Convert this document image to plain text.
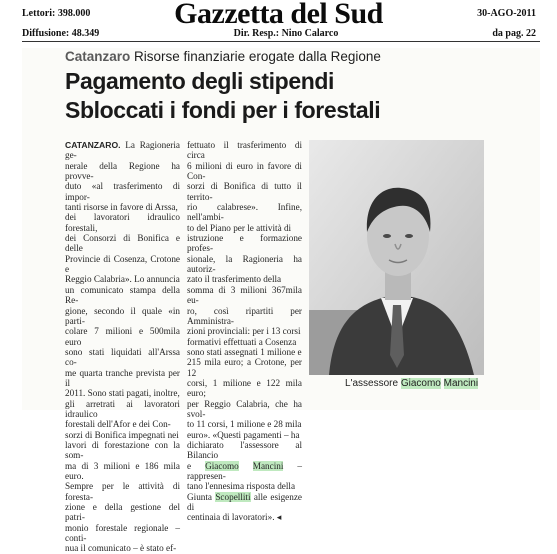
Lettori: 398.000
Diffusione: 48.349
Gazzetta del Sud
Dir. Resp.: Nino Calarco
30-AGO-2011
da pag. 22
Catanzaro Risorse finanziarie erogate dalla Regione
Pagamento degli stipendi
Sbloccati i fondi per i forestali
CATANZARO. La Ragioneria ge-
nerale della Regione ha provve-
duto «al trasferimento di impor-
tanti risorse in favore di Arssa,
dei lavoratori idraulico forestali,
dei Consorzi di Bonifica e delle
Provincie di Cosenza, Crotone e
Reggio Calabria». Lo annuncia
un comunicato stampa della Re-
gione, secondo il quale «in parti-
colare 7 milioni e 500mila euro
sono stati liquidati all'Arssa co-
me quarta tranche prevista per il
2011. Sono stati pagati, inoltre,
gli arretrati ai lavoratori idraulico
forestali dell'Afor e dei Con-
sorzi di Bonifica impegnati nei
lavori di forestazione con la som-
ma di 3 milioni e 186 mila euro.
Sempre per le attività di foresta-
zione e della gestione del patri-
monio forestale regionale – conti-
nua il comunicato – è stato ef-
fettuato il trasferimento di circa
6 milioni di euro in favore di Con-
sorzi di Bonifica di tutto il territo-
rio calabrese». Infine, nell'ambi-
to del Piano per le attività di
istruzione e formazione profes-
sionale, la Ragioneria ha autoriz-
zato il trasferimento della
somma di 3 milioni 367mila eu-
ro, così ripartiti per Amministra-
zioni provinciali: per i 13 corsi
formativi effettuati a Cosenza
sono stati assegnati 1 milione e
215 mila euro; a Crotone, per 12
corsi, 1 milione e 122 mila euro;
per Reggio Calabria, che ha svol-
to 11 corsi, 1 milione e 28 mila
euro». «Questi pagamenti – ha
dichiarato l'assessore al Bilancio
e Giacomo Mancini – rappresen-
tano l'ennesima risposta della
Giunta Scopelliti alle esigenze di
centinaia di lavoratori». ◂
L'assessore Giacomo Mancini
